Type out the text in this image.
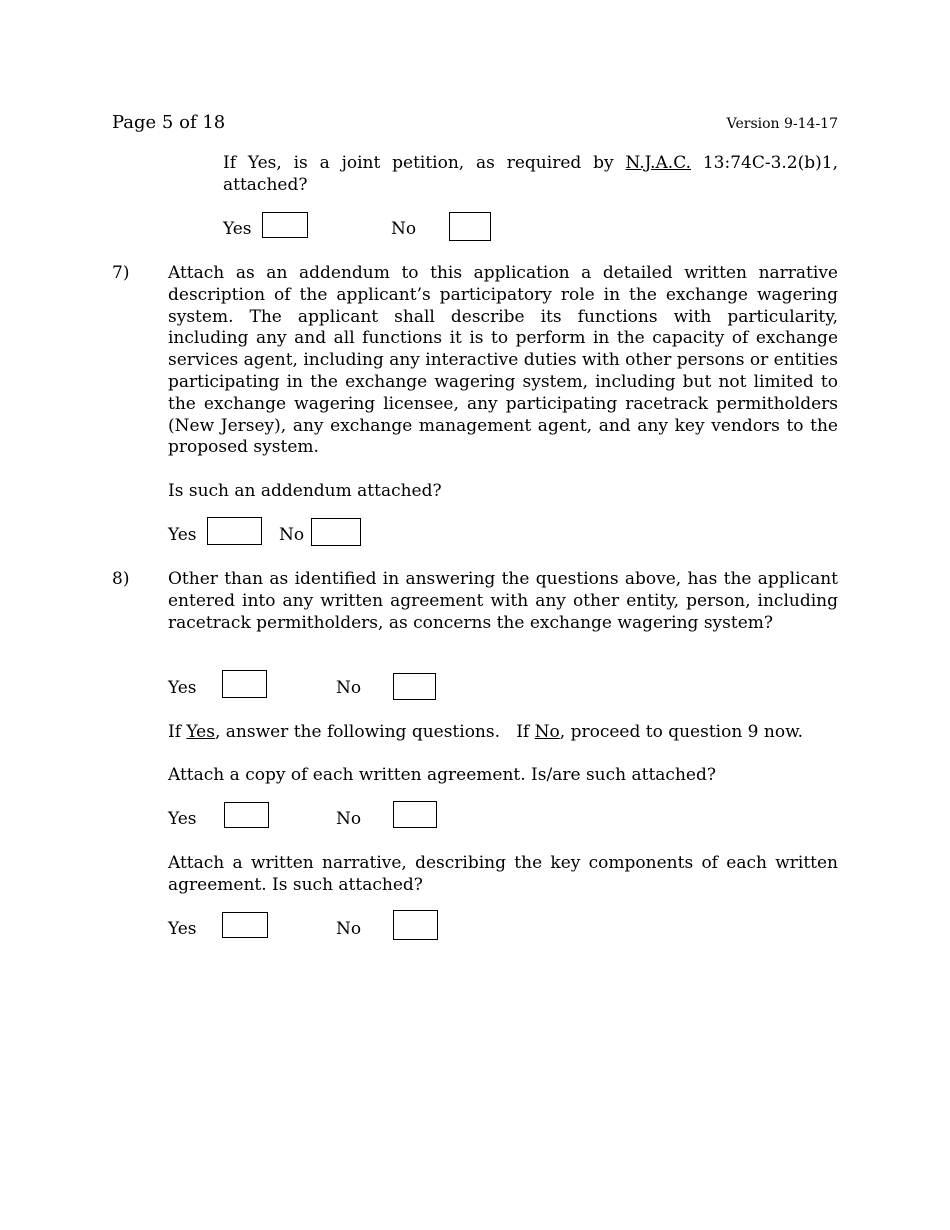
Page 5 of 18	Version 9-14-17
If Yes, is a joint petition, as required by N.J.A.C. 13:74C-3.2(b)1, attached?
Yes	No
7) Attach as an addendum to this application a detailed written narrative description of the applicant’s participatory role in the exchange wagering system. The applicant shall describe its functions with particularity, including any and all functions it is to perform in the capacity of exchange services agent, including any interactive duties with other persons or entities participating in the exchange wagering system, including but not limited to the exchange wagering licensee, any participating racetrack permitholders (New Jersey), any exchange management agent, and any key vendors to the proposed system.
Is such an addendum attached?
Yes	No
8) Other than as identified in answering the questions above, has the applicant entered into any written agreement with any other entity, person, including racetrack permitholders, as concerns the exchange wagering system?
Yes	No
If Yes, answer the following questions.   If No, proceed to question 9 now.
Attach a copy of each written agreement. Is/are such attached?
Yes	No
Attach a written narrative, describing the key components of each written agreement. Is such attached?
Yes	No
